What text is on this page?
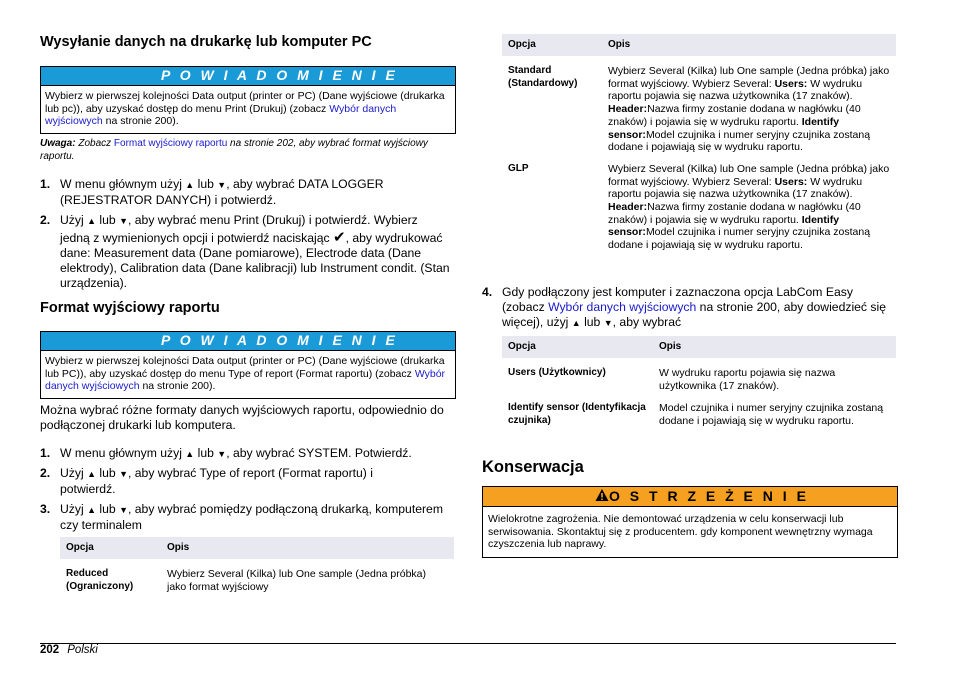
Wysyłanie danych na drukarkę lub komputer PC
P O W I A D O M I E N I E
Wybierz w pierwszej kolejności Data output (printer or PC) (Dane wyjściowe (drukarka lub pc)), aby uzyskać dostęp do menu Print (Drukuj) (zobacz Wybór danych wyjściowych na stronie 200).
Uwaga: Zobacz Format wyjściowy raportu na stronie 202, aby wybrać format wyjściowy raportu.
1. W menu głównym użyj ▲ lub ▼, aby wybrać DATA LOGGER (REJESTRATOR DANYCH) i potwierdź.
2. Użyj ▲ lub ▼, aby wybrać menu Print (Drukuj) i potwierdź. Wybierz jedną z wymienionych opcji i potwierdź naciskając ✔, aby wydrukować dane: Measurement data (Dane pomiarowe), Electrode data (Dane elektrody), Calibration data (Dane kalibracji) lub Instrument condit. (Stan urządzenia).
Format wyjściowy raportu
P O W I A D O M I E N I E
Wybierz w pierwszej kolejności Data output (printer or PC) (Dane wyjściowe (drukarka lub PC)), aby uzyskać dostęp do menu Type of report (Format raportu) (zobacz Wybór danych wyjściowych na stronie 200).
Można wybrać różne formaty danych wyjściowych raportu, odpowiednio do podłączonej drukarki lub komputera.
1. W menu głównym użyj ▲ lub ▼, aby wybrać SYSTEM. Potwierdź.
2. Użyj ▲ lub ▼, aby wybrać Type of report (Format raportu) i potwierdź.
3. Użyj ▲ lub ▼, aby wybrać pomiędzy podłączoną drukarką, komputerem czy terminalem
Opcja	Opis
Reduced (Ograniczony)	Wybierz Several (Kilka) lub One sample (Jedna próbka) jako format wyjściowy
Opcja	Opis
Standard (Standardowy)	Wybierz Several (Kilka) lub One sample (Jedna próbka) jako format wyjściowy. Wybierz Several: Users: W wydruku raportu pojawia się nazwa użytkownika (17 znaków). Header:Nazwa firmy zostanie dodana w nagłówku (40 znaków) i pojawia się w wydruku raportu. Identify sensor:Model czujnika i numer seryjny czujnika zostaną dodane i pojawiają się w wydruku raportu.
GLP	Wybierz Several (Kilka) lub One sample (Jedna próbka) jako format wyjściowy. Wybierz Several: Users: W wydruku raportu pojawia się nazwa użytkownika (17 znaków). Header:Nazwa firmy zostanie dodana w nagłówku (40 znaków) i pojawia się w wydruku raportu. Identify sensor:Model czujnika i numer seryjny czujnika zostaną dodane i pojawiają się w wydruku raportu.
4. Gdy podłączony jest komputer i zaznaczona opcja LabCom Easy (zobacz Wybór danych wyjściowych na stronie 200, aby dowiedzieć się więcej), użyj ▲ lub ▼, aby wybrać
Opcja	Opis
Users (Użytkownicy)	W wydruku raportu pojawia się nazwa użytkownika (17 znaków).
Identify sensor (Identyfikacja czujnika)	Model czujnika i numer seryjny czujnika zostaną dodane i pojawiają się w wydruku raportu.
Konserwacja
O S T R Z E Ż E N I E
Wielokrotne zagrożenia. Nie demontować urządzenia w celu konserwacji lub serwisowania. Skontaktuj się z producentem. gdy komponent wewnętrzny wymaga czyszczenia lub naprawy.
202 Polski
